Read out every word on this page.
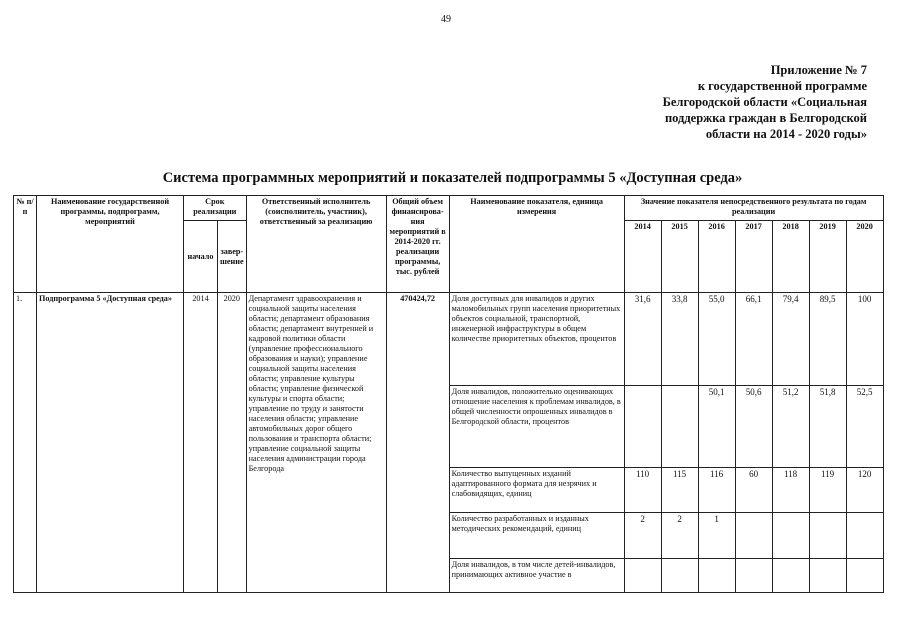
49
Приложение № 7
к государственной программе
Белгородской области «Социальная
поддержка граждан в Белгородской
области на 2014 - 2020 годы»
Система программных мероприятий и показателей подпрограммы 5 «Доступная среда»
№ п/п	Наименование государственной программы, подпрограмм, мероприятий	Срок реализации		Ответственный исполнитель (соисполнитель, участник), ответственный за реализацию	Общий объем финансирова-ния мероприятий в 2014-2020 гг. реализации программы, тыс. рублей	Наименование показателя, единица измерения	Значение показателя непосредственного результата по годам реализации						
		начало	завер-шение				2014	2015	2016	2017	2018	2019	2020

1.	Подпрограмма 5 «Доступная среда»	2014	2020	Департамент здравоохранения и социальной защиты населения области; департамент образования области; департамент внутренней и кадровой политики области (управление профессионального образования и науки); управление социальной защиты населения области; управление культуры области; управление физической культуры и спорта области; управление по труду и занятости населения области; управление автомобильных дорог общего пользования и транспорта области; управление социальной защиты населения администрации города Белгорода	470424,72	Доля доступных для инвалидов и других маломобильных групп населения приоритетных объектов социальной, транспортной, инженерной инфраструктуры в общем количестве приоритетных объектов, процентов	31,6	33,8	55,0	66,1	79,4	89,5	100
						Доля инвалидов, положительно оценивающих отношение населения к проблемам инвалидов, в общей численности опрошенных инвалидов в Белгородской области, процентов			50,1	50,6	51,2	51,8	52,5
						Количество выпущенных изданий адаптированного формата для незрячих и слабовидящих, единиц	110	115	116	60	118	119	120
						Количество разработанных и изданных методических рекомендаций, единиц	2	2	1				
						Доля инвалидов, в том числе детей-инвалидов, принимающих активное участие в							
